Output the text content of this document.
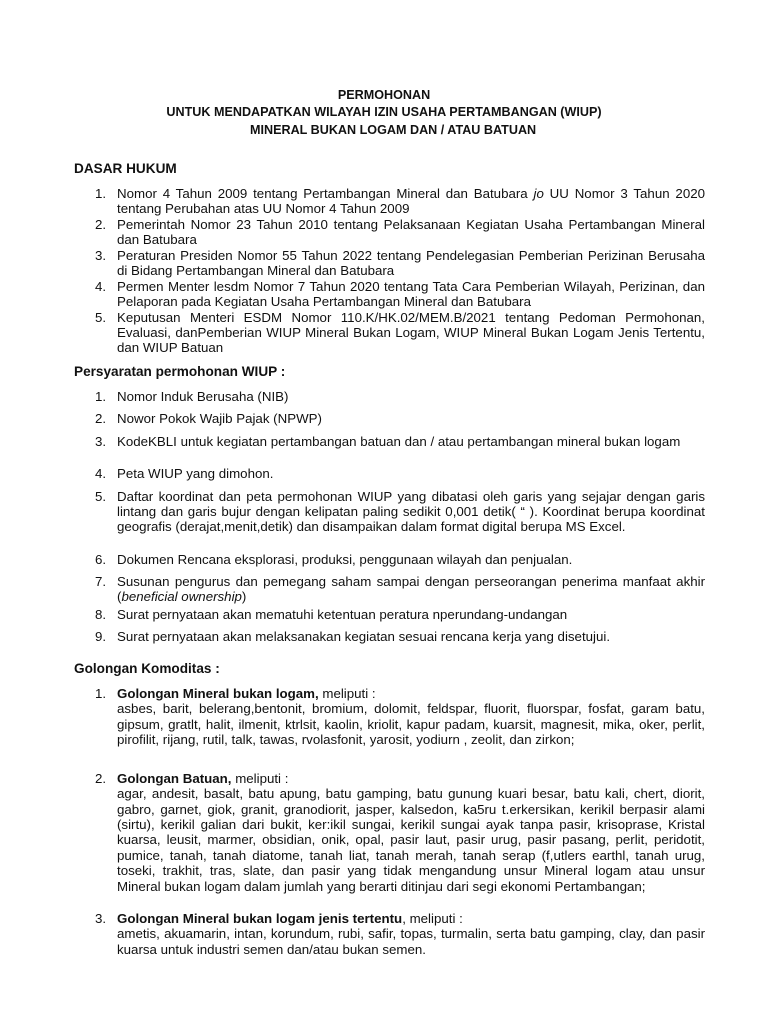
PERMOHONAN
UNTUK MENDAPATKAN WILAYAH IZIN USAHA PERTAMBANGAN (WIUP)
MINERAL BUKAN LOGAM DAN / ATAU BATUAN
DASAR HUKUM
1. Nomor 4 Tahun 2009 tentang Pertambangan Mineral dan Batubara jo UU Nomor 3 Tahun 2020 tentang Perubahan atas UU Nomor 4 Tahun 2009
2. Pemerintah Nomor 23 Tahun 2010 tentang Pelaksanaan Kegiatan Usaha Pertambangan Mineral dan Batubara
3. Peraturan Presiden Nomor 55 Tahun 2022 tentang Pendelegasian Pemberian Perizinan Berusaha di Bidang Pertambangan Mineral dan Batubara
4. Permen Menter lesdm Nomor 7 Tahun 2020 tentang Tata Cara Pemberian Wilayah, Perizinan, dan Pelaporan pada Kegiatan Usaha Pertambangan Mineral dan Batubara
5. Keputusan Menteri ESDM Nomor 110.K/HK.02/MEM.B/2021 tentang Pedoman Permohonan, Evaluasi, danPemberian WIUP Mineral Bukan Logam, WIUP Mineral Bukan Logam Jenis Tertentu, dan WIUP Batuan
Persyaratan permohonan WIUP :
1. Nomor Induk Berusaha (NIB)
2. Nowor Pokok Wajib Pajak (NPWP)
3. KodeKBLI untuk kegiatan pertambangan batuan dan / atau pertambangan mineral bukan logam
4. Peta WIUP yang dimohon.
5. Daftar koordinat dan peta permohonan WIUP yang dibatasi oleh garis yang sejajar dengan garis lintang dan garis bujur dengan kelipatan paling sedikit 0,001 detik( “ ). Koordinat berupa koordinat geografis (derajat,menit,detik) dan disampaikan dalam format digital berupa MS Excel.
6. Dokumen Rencana eksplorasi, produksi, penggunaan wilayah dan penjualan.
7. Susunan pengurus dan pemegang saham sampai dengan perseorangan penerima manfaat akhir (beneficial ownership)
8. Surat pernyataan akan mematuhi ketentuan peratura nperundang-undangan
9. Surat pernyataan akan melaksanakan kegiatan sesuai rencana kerja yang disetujui.
Golongan Komoditas :
1. Golongan Mineral bukan logam, meliputi :
asbes, barit, belerang,bentonit, bromium, dolomit, feldspar, fluorit, fluorspar, fosfat, garam batu, gipsum, gratlt, halit, ilmenit, ktrlsit, kaolin, kriolit, kapur padam, kuarsit, magnesit, mika, oker, perlit, pirofilit, rijang, rutil, talk, tawas, rvolasfonit, yarosit, yodiurn , zeolit, dan zirkon;
2. Golongan Batuan, meliputi :
agar, andesit, basalt, batu apung, batu gamping, batu gunung kuari besar, batu kali, chert, diorit, gabro, garnet, giok, granit, granodiorit, jasper, kalsedon, ka5ru t.erkersikan, kerikil berpasir alami (sirtu), kerikil galian dari bukit, ker:ikil sungai, kerikil sungai ayak tanpa pasir, krisoprase, Kristal kuarsa, leusit, marmer, obsidian, onik, opal, pasir laut, pasir urug, pasir pasang, perlit, peridotit, pumice, tanah, tanah diatome, tanah liat, tanah merah, tanah serap (f,utlers earthl, tanah urug, toseki, trakhit, tras, slate, dan pasir yang tidak mengandung unsur Mineral logam atau unsur Mineral bukan logam dalam jumlah yang berarti ditinjau dari segi ekonomi Pertambangan;
3. Golongan Mineral bukan logam jenis tertentu, meliputi :
ametis, akuamarin, intan, korundum, rubi, safir, topas, turmalin, serta batu gamping, clay, dan pasir kuarsa untuk industri semen dan/atau bukan semen.
